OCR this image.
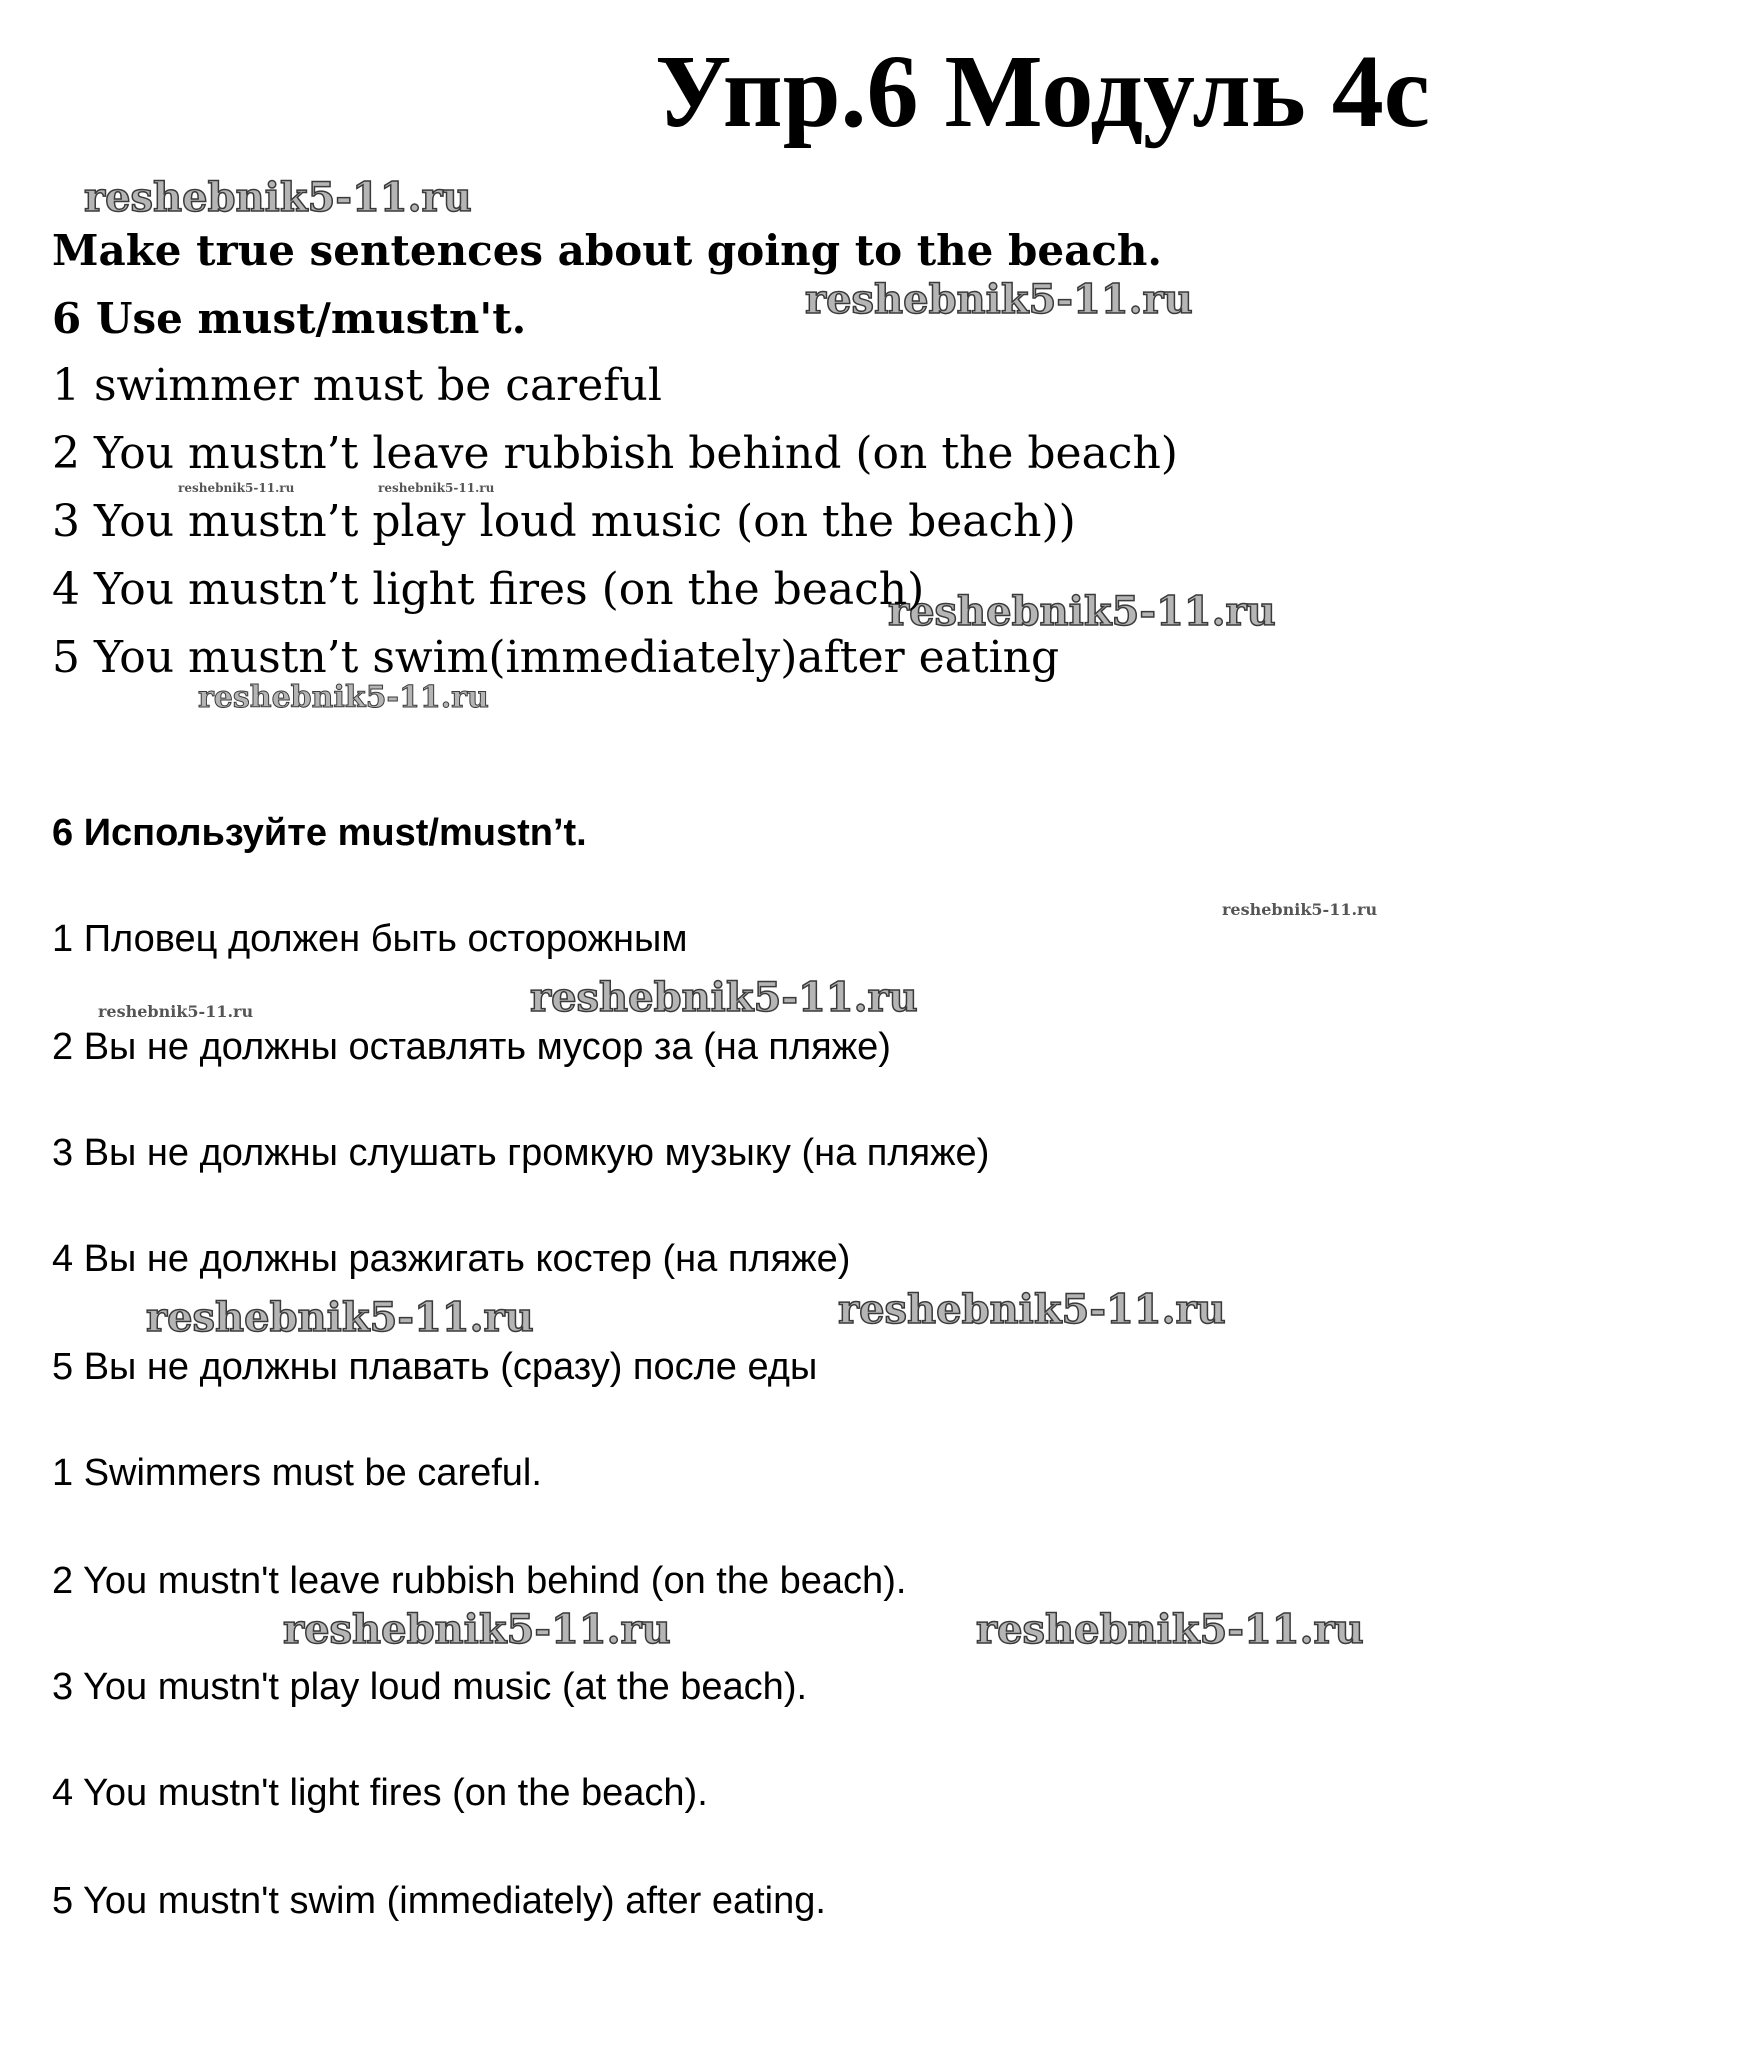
Упр.6 Модуль 4с
reshebnik5-11.ru
reshebnik5-11.ru
reshebnik5-11.ru	reshebnik5-11.ru
reshebnik5-11.ru
reshebnik5-11.ru
reshebnik5-11.ru
reshebnik5-11.ru	reshebnik5-11.ru
reshebnik5-11.ru	reshebnik5-11.ru
reshebnik5-11.ru	reshebnik5-11.ru
Make true sentences about going to the beach.
6 Use must/mustn't.
1 swimmer must be careful
2 You mustn’t leave rubbish behind (on the beach)
3 You mustn’t play loud music (on the beach))
4 You mustn’t light fires (on the beach)
5 You mustn’t swim(immediately)after eating
6 Используйте must/mustn’t.
1 Пловец должен быть осторожным
2 Вы не должны оставлять мусор за (на пляже)
3 Вы не должны слушать громкую музыку (на пляже)
4 Вы не должны разжигать костер (на пляже)
5 Вы не должны плавать (сразу) после еды
1 Swimmers must be careful.
2 You mustn't leave rubbish behind (on the beach).
3 You mustn't play loud music (at the beach).
4 You mustn't light fires (on the beach).
5 You mustn't swim (immediately) after eating.
